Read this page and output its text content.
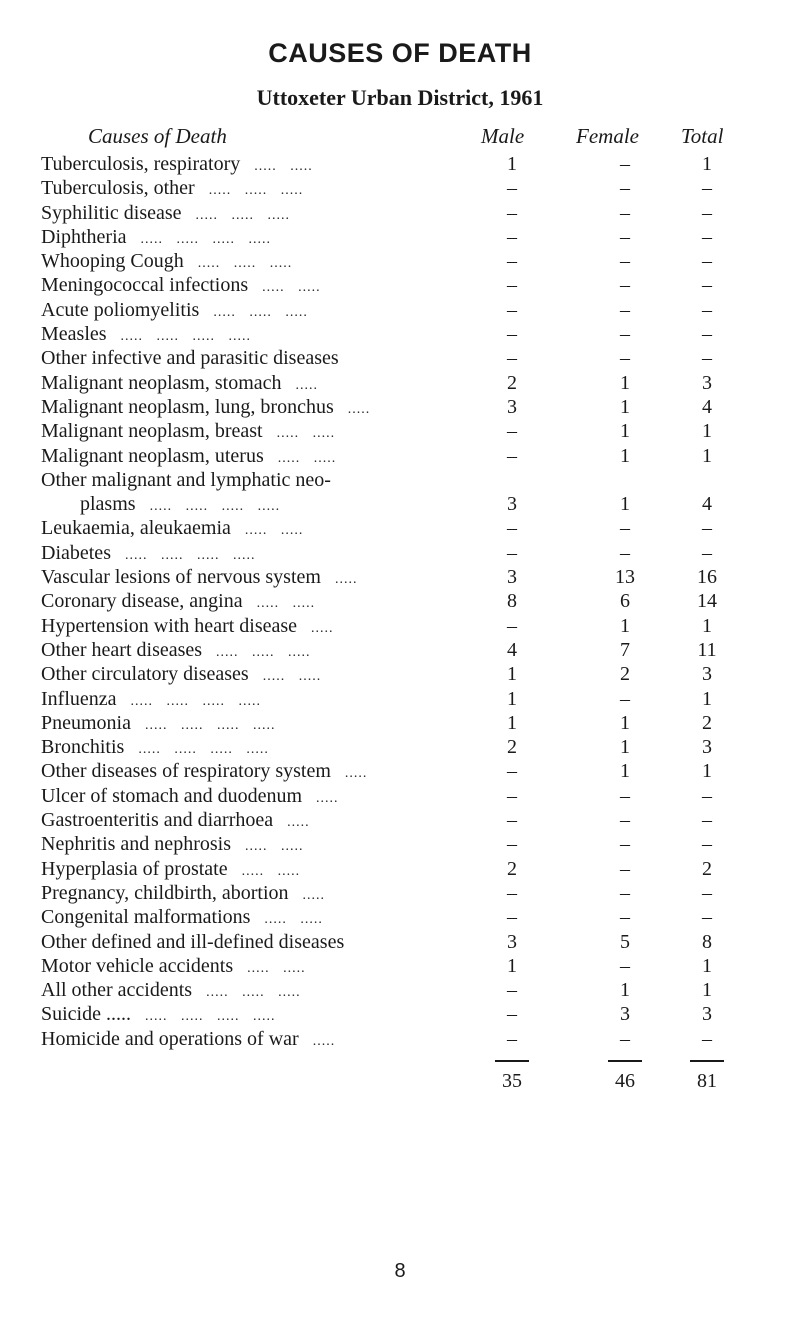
CAUSES OF DEATH
Uttoxeter Urban District, 1961
Causes of Death	Male Female Total
Tuberculosis, respiratory .....   .....	1	–	1
Tuberculosis, other .....   .....   .....	–	–	–
Syphilitic disease .....   .....   .....	–	–	–
Diphtheria .....   .....   .....   .....	–	–	–
Whooping Cough .....   .....   .....	–	–	–
Meningococcal infections .....   .....	–	–	–
Acute poliomyelitis .....   .....   .....	–	–	–
Measles .....   .....   .....   .....	–	–	–
Other infective and parasitic diseases	–	–	–
Malignant neoplasm, stomach .....	2	1	3
Malignant neoplasm, lung, bronchus .....	3	1	4
Malignant neoplasm, breast .....   .....	–	1	1
Malignant neoplasm, uterus .....   .....	–	1	1
Other malignant and lymphatic neo-
plasms .....   .....   .....   .....	3	1	4
Leukaemia, aleukaemia .....   .....	–	–	–
Diabetes .....   .....   .....   .....	–	–	–
Vascular lesions of nervous system .....	3	13	16
Coronary disease, angina .....   .....	8	6	14
Hypertension with heart disease .....	–	1	1
Other heart diseases .....   .....   .....	4	7	11
Other circulatory diseases .....   .....	1	2	3
Influenza .....   .....   .....   .....	1	–	1
Pneumonia .....   .....   .....   .....	1	1	2
Bronchitis .....   .....   .....   .....	2	1	3
Other diseases of respiratory system .....	–	1	1
Ulcer of stomach and duodenum .....	–	–	–
Gastroenteritis and diarrhoea .....	–	–	–
Nephritis and nephrosis .....   .....	–	–	–
Hyperplasia of prostate .....   .....	2	–	2
Pregnancy, childbirth, abortion .....	–	–	–
Congenital malformations .....   .....	–	–	–
Other defined and ill-defined diseases	3	5	8
Motor vehicle accidents .....   .....	1	–	1
All other accidents .....   .....   .....	–	1	1
Suicide ..... .....   .....   .....   .....	–	3	3
Homicide and operations of war .....	–	–	–
35	46	81
8
